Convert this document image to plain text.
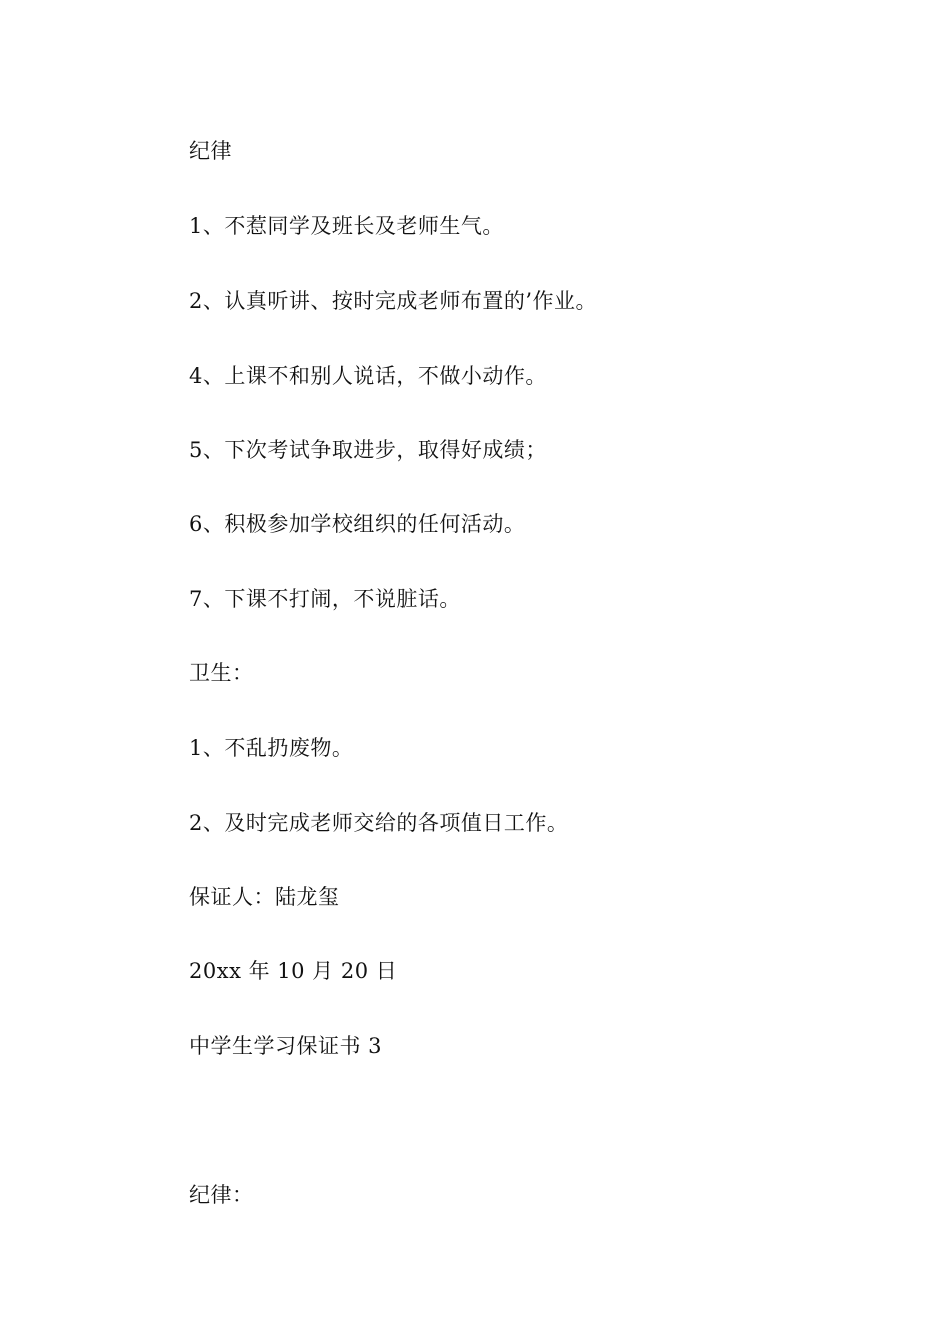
纪律
1、不惹同学及班长及老师生气。
2、认真听讲、按时完成老师布置的’作业。
4、上课不和别人说话，不做小动作。
5、下次考试争取进步，取得好成绩；
6、积极参加学校组织的任何活动。
7、下课不打闹，不说脏话。
卫生：
1、不乱扔废物。
2、及时完成老师交给的各项值日工作。
保证人：陆龙玺
20xx 年 10 月 20 日
中学生学习保证书 3
纪律：
